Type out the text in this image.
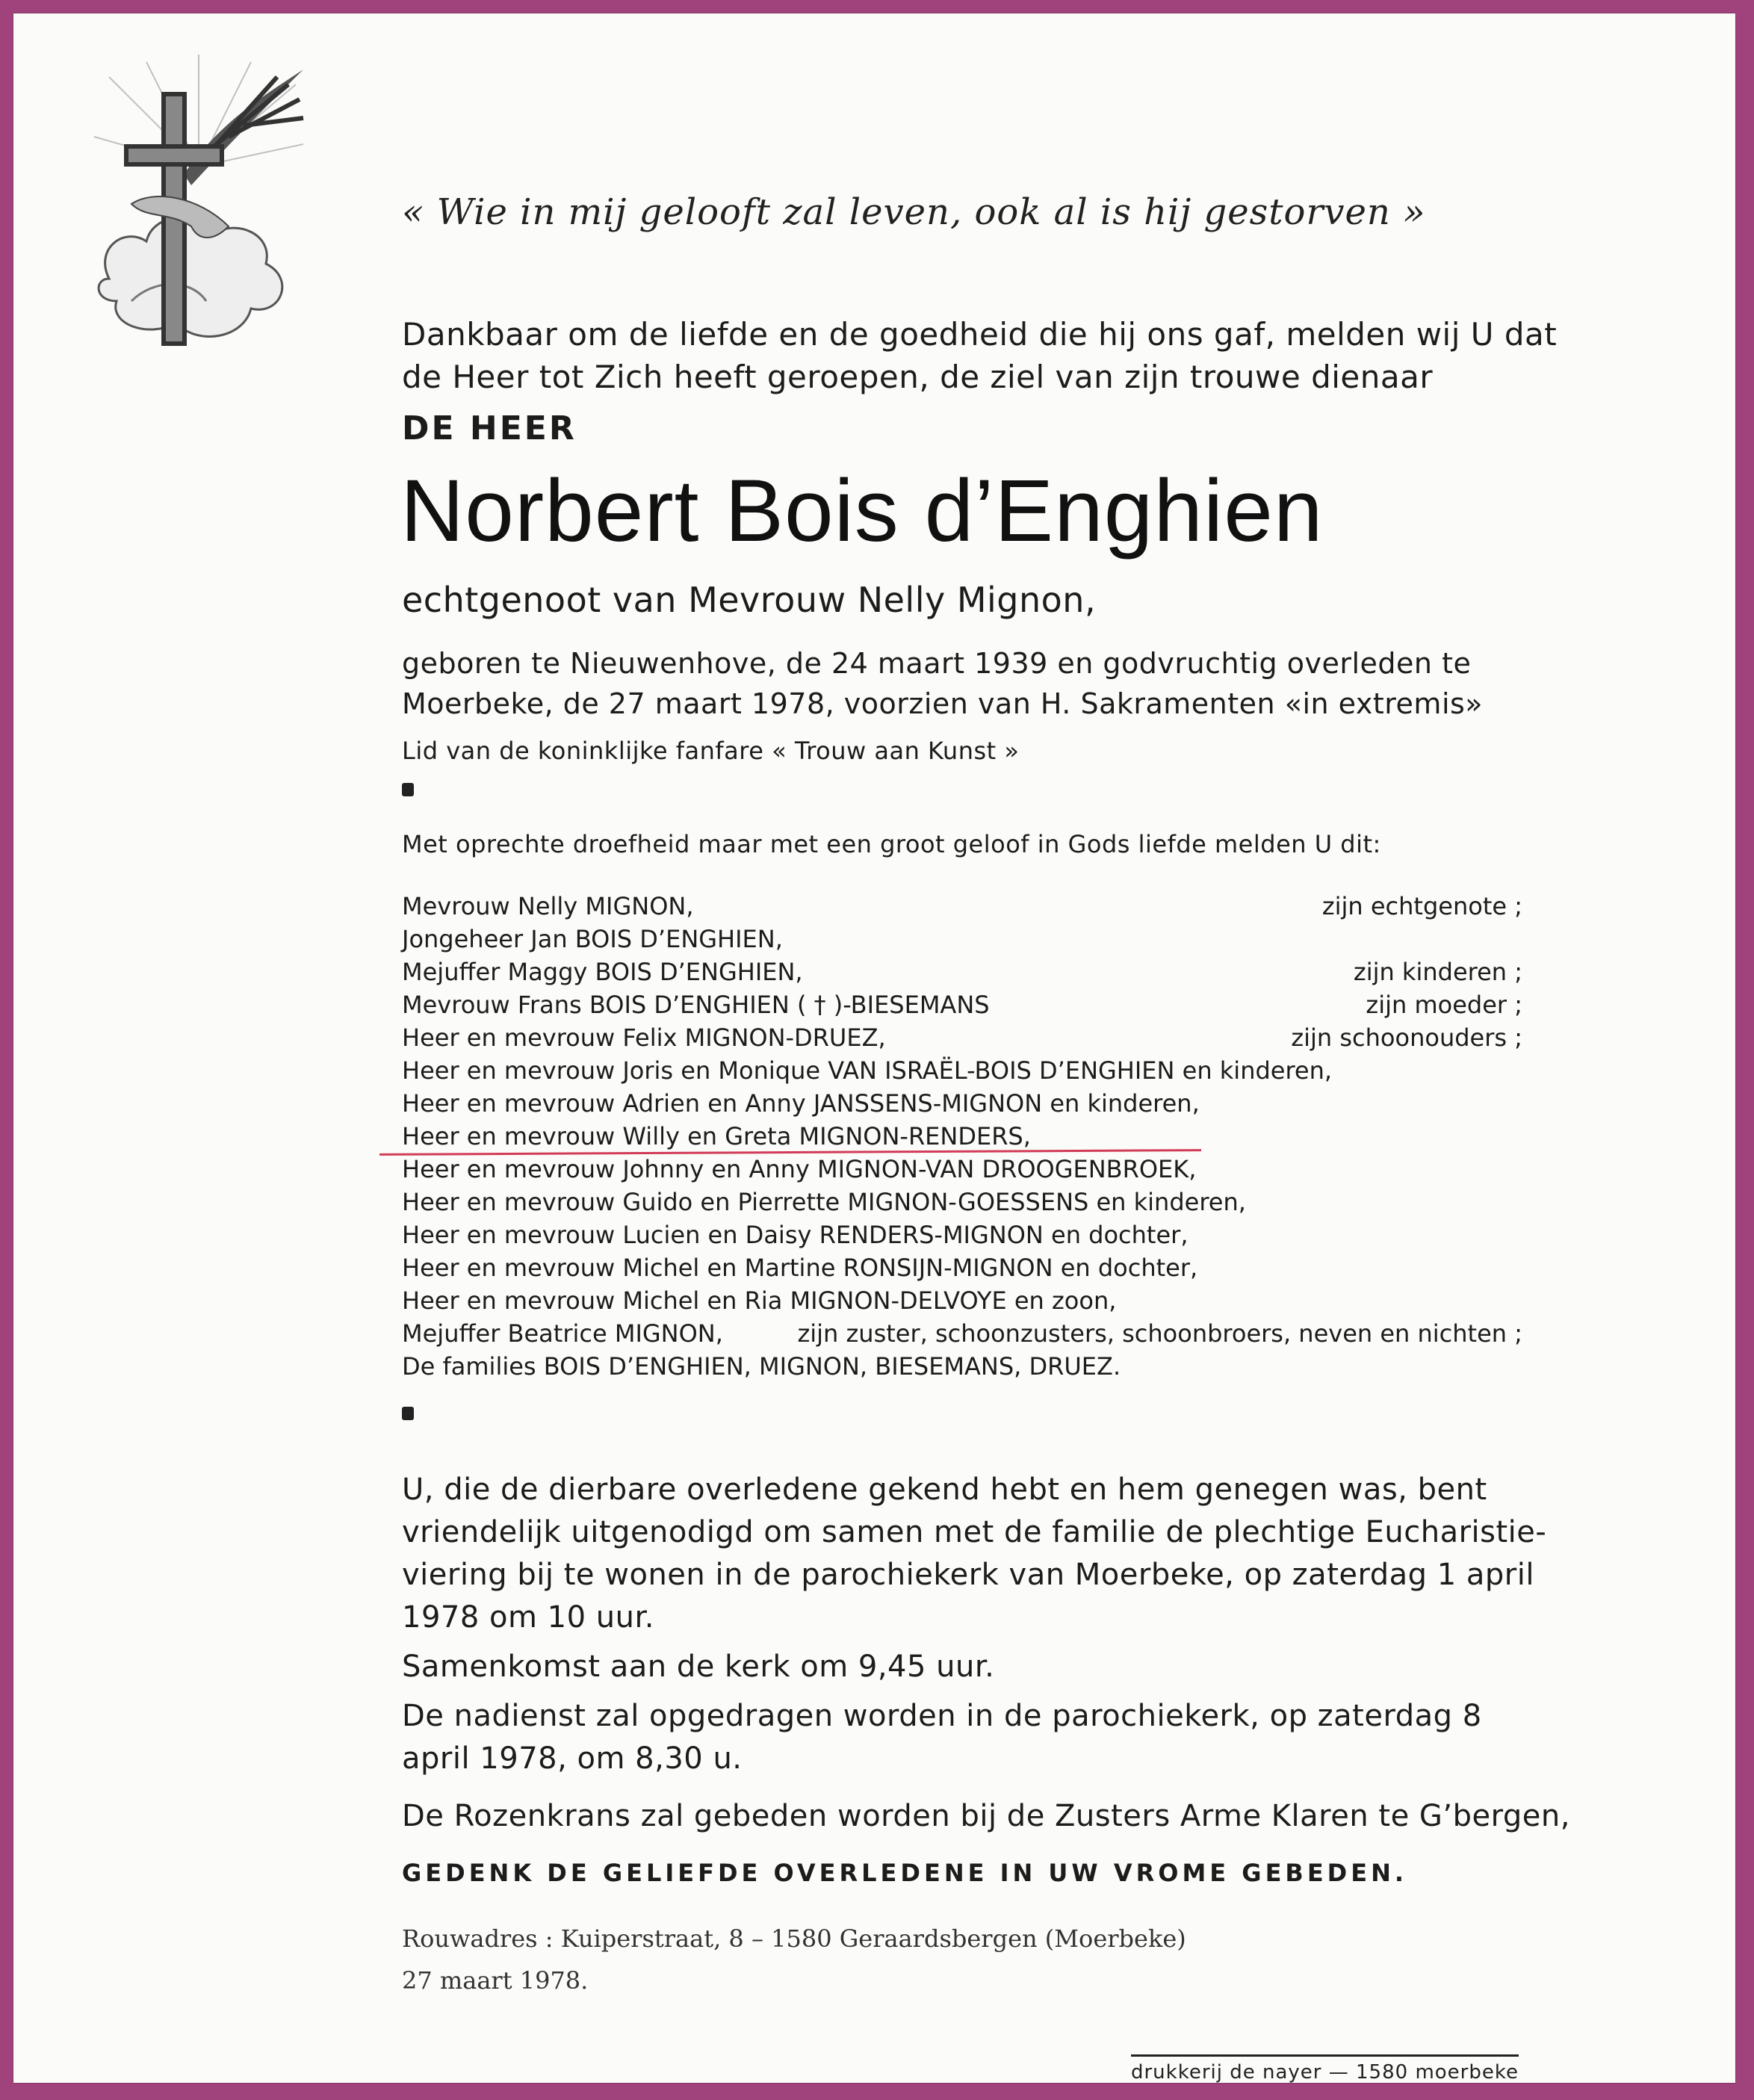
« Wie in mij gelooft zal leven, ook al is hij gestorven »
Dankbaar om de liefde en de goedheid die hij ons gaf, melden wij U dat
de Heer tot Zich heeft geroepen, de ziel van zijn trouwe dienaar
DE HEER
Norbert Bois d’Enghien
echtgenoot van Mevrouw Nelly Mignon,
geboren te Nieuwenhove, de 24 maart 1939 en godvruchtig overleden te
Moerbeke, de 27 maart 1978, voorzien van H. Sakramenten «in extremis»
Lid van de koninklijke fanfare « Trouw aan Kunst »
Met oprechte droefheid maar met een groot geloof in Gods liefde melden U dit:
Mevrouw Nelly MIGNON,	zijn echtgenote ;
Jongeheer Jan BOIS D’ENGHIEN,
Mejuffer Maggy BOIS D’ENGHIEN,	zijn kinderen ;
Mevrouw Frans BOIS D’ENGHIEN ( † )-BIESEMANS	zijn moeder ;
Heer en mevrouw Felix MIGNON-DRUEZ,	zijn schoonouders ;
Heer en mevrouw Joris en Monique VAN ISRAËL-BOIS D’ENGHIEN en kinderen,
Heer en mevrouw Adrien en Anny JANSSENS-MIGNON en kinderen,
Heer en mevrouw Willy en Greta MIGNON-RENDERS,
Heer en mevrouw Johnny en Anny MIGNON-VAN DROOGENBROEK,
Heer en mevrouw Guido en Pierrette MIGNON-GOESSENS en kinderen,
Heer en mevrouw Lucien en Daisy RENDERS-MIGNON en dochter,
Heer en mevrouw Michel en Martine RONSIJN-MIGNON en dochter,
Heer en mevrouw Michel en Ria MIGNON-DELVOYE en zoon,
Mejuffer Beatrice MIGNON,	zijn zuster, schoonzusters, schoonbroers, neven en nichten ;
De families BOIS D’ENGHIEN, MIGNON, BIESEMANS, DRUEZ.
U, die de dierbare overledene gekend hebt en hem genegen was, bent
vriendelijk uitgenodigd om samen met de familie de plechtige Eucharistie-
viering bij te wonen in de parochiekerk van Moerbeke, op zaterdag 1 april
1978 om 10 uur.
Samenkomst aan de kerk om 9,45 uur.
De nadienst zal opgedragen worden in de parochiekerk, op zaterdag 8
april 1978, om 8,30 u.
De Rozenkrans zal gebeden worden bij de Zusters Arme Klaren te G’bergen,
GEDENK DE GELIEFDE OVERLEDENE IN UW VROME GEBEDEN.
Rouwadres : Kuiperstraat, 8 – 1580 Geraardsbergen (Moerbeke)
27 maart 1978.
drukkerij de nayer — 1580 moerbeke
